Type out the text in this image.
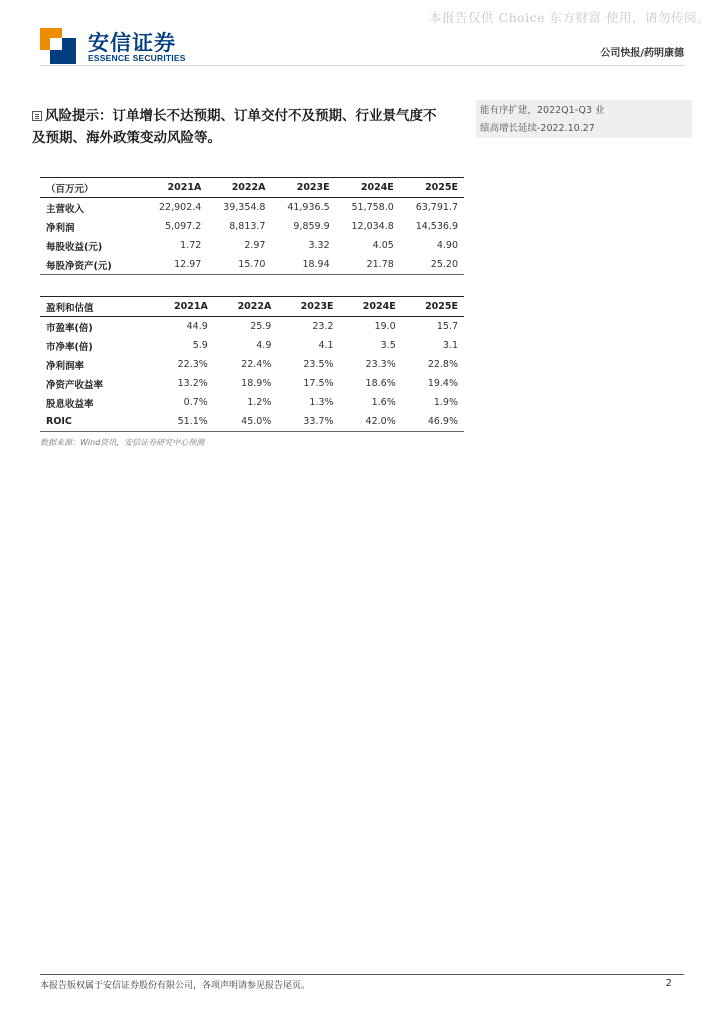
本报告仅供 Choice 东方财富 使用，请勿传阅。
安信证券
ESSENCE SECURITIES	公司快报/药明康德
风险提示：订单增长不达预期、订单交付不及预期、行业景气度不及预期、海外政策变动风险等。
能有序扩建，2022Q1-Q3 业
绩高增长延续-2022.10.27
（百万元）	2021A	2022A	2023E	2024E	2025E
主营收入	22,902.4	39,354.8	41,936.5	51,758.0	63,791.7
净利润	5,097.2	8,813.7	9,859.9	12,034.8	14,536.9
每股收益(元)	1.72	2.97	3.32	4.05	4.90
每股净资产(元)	12.97	15.70	18.94	21.78	25.20
盈利和估值	2021A	2022A	2023E	2024E	2025E
市盈率(倍)	44.9	25.9	23.2	19.0	15.7
市净率(倍)	5.9	4.9	4.1	3.5	3.1
净利润率	22.3%	22.4%	23.5%	23.3%	22.8%
净资产收益率	13.2%	18.9%	17.5%	18.6%	19.4%
股息收益率	0.7%	1.2%	1.3%	1.6%	1.9%
ROIC	51.1%	45.0%	33.7%	42.0%	46.9%
数据来源：Wind资讯，安信证券研究中心预测
本报告版权属于安信证券股份有限公司，各项声明请参见报告尾页。	2
